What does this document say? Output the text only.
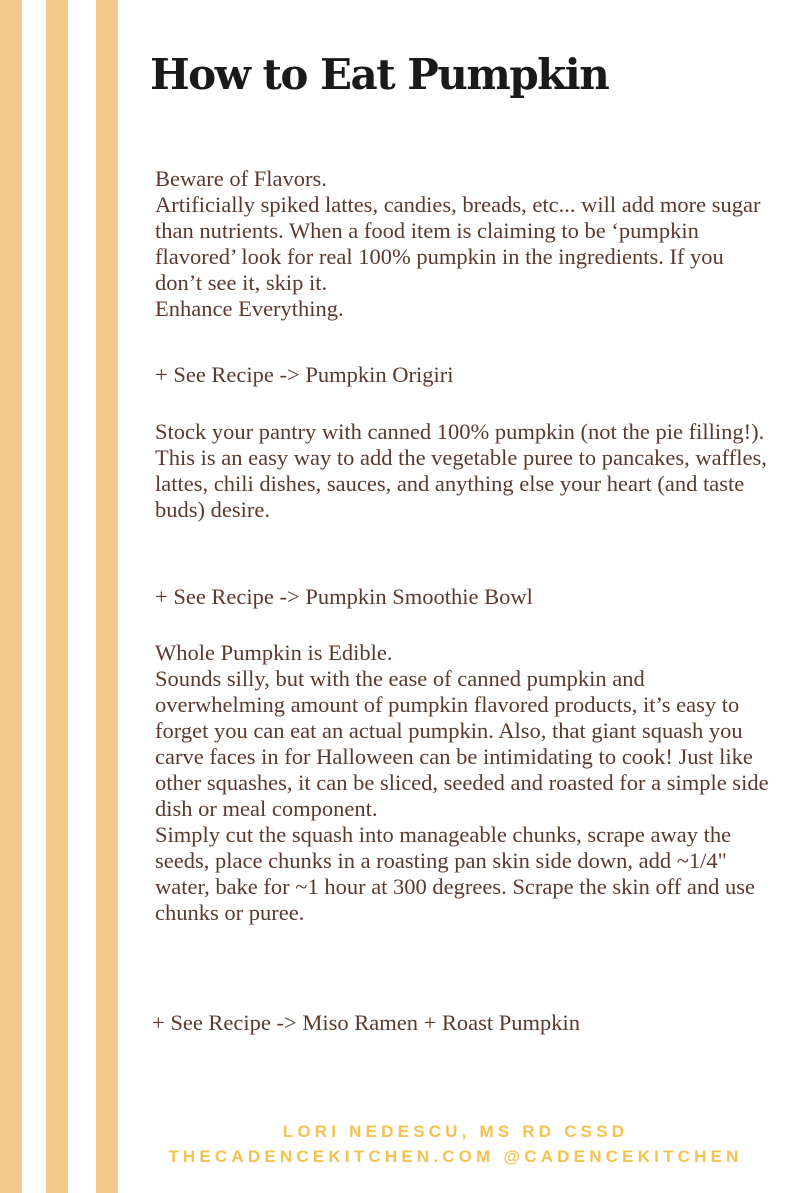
How to Eat Pumpkin

Beware of Flavors.

Artificially spiked lattes, candies, breads, etc... will add more sugar than nutrients. When a food item is claiming to be ‘pumpkin flavored’ look for real 100% pumpkin in the ingredients. If you don’t see it, skip it.

Enhance Everything.

+ See Recipe -> Pumpkin Origiri

Stock your pantry with canned 100% pumpkin (not the pie filling!). This is an easy way to add the vegetable puree to pancakes, waffles, lattes, chili dishes, sauces, and anything else your heart (and taste buds) desire.

+ See Recipe -> Pumpkin Smoothie Bowl

Whole Pumpkin is Edible.

Sounds silly, but with the ease of canned pumpkin and overwhelming amount of pumpkin flavored products, it’s easy to forget you can eat an actual pumpkin. Also, that giant squash you carve faces in for Halloween can be intimidating to cook! Just like other squashes, it can be sliced, seeded and roasted for a simple side dish or meal component.

Simply cut the squash into manageable chunks, scrape away the seeds, place chunks in a roasting pan skin side down, add ~1/4" water, bake for ~1 hour at 300 degrees. Scrape the skin off and use chunks or puree.

+ See Recipe -> Miso Ramen + Roast Pumpkin
LORI NEDESCU, MS RD CSSD
THECADENCEKITCHEN.COM @CADENCEKITCHEN
